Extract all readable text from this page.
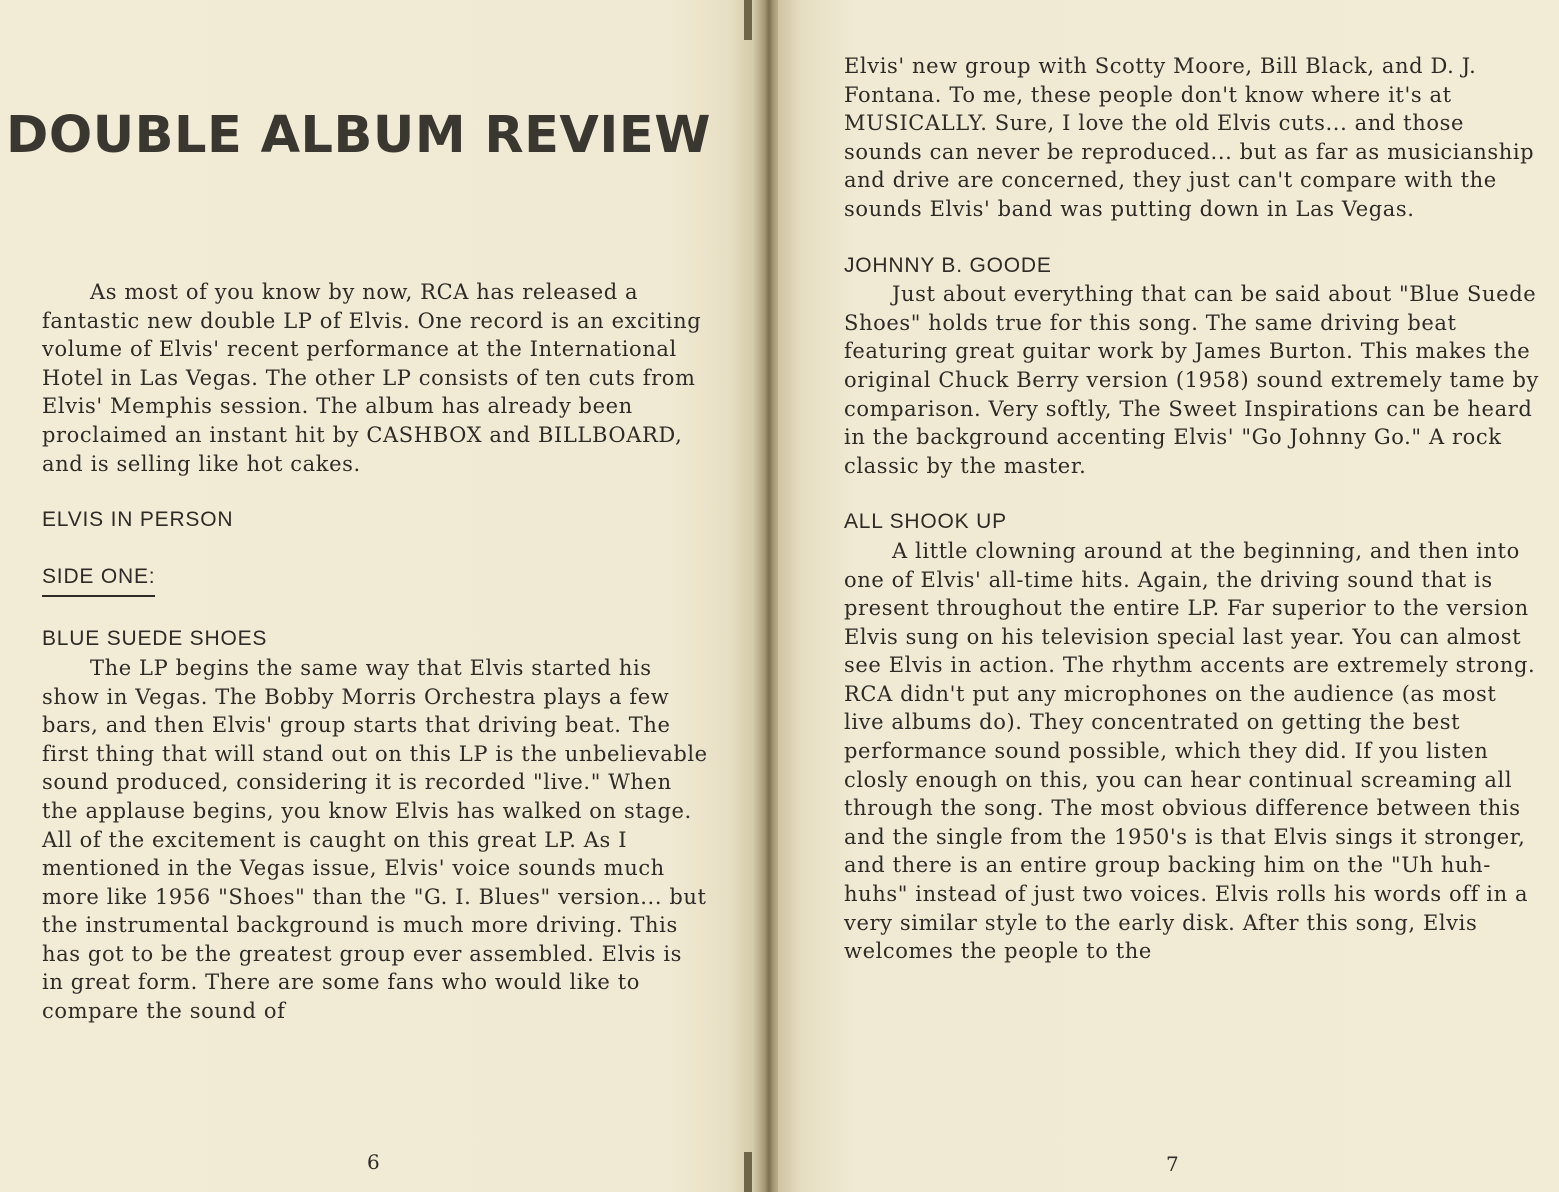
DOUBLE ALBUM REVIEW

As most of you know by now, RCA has released a fantastic new double LP of Elvis. One record is an exciting volume of Elvis' recent performance at the International Hotel in Las Vegas. The other LP consists of ten cuts from Elvis' Memphis session. The album has already been proclaimed an instant hit by CASHBOX and BILLBOARD, and is selling like hot cakes.

ELVIS IN PERSON

SIDE ONE:

BLUE SUEDE SHOES

The LP begins the same way that Elvis started his show in Vegas. The Bobby Morris Orchestra plays a few bars, and then Elvis' group starts that driving beat. The first thing that will stand out on this LP is the unbelievable sound produced, considering it is recorded "live." When the applause begins, you know Elvis has walked on stage. All of the excitement is caught on this great LP. As I mentioned in the Vegas issue, Elvis' voice sounds much more like 1956 "Shoes" than the "G. I. Blues" version... but the instrumental background is much more driving. This has got to be the greatest group ever assembled. Elvis is in great form. There are some fans who would like to compare the sound of

6

Elvis' new group with Scotty Moore, Bill Black, and D. J. Fontana. To me, these people don't know where it's at MUSICALLY. Sure, I love the old Elvis cuts... and those sounds can never be reproduced... but as far as musicianship and drive are concerned, they just can't compare with the sounds Elvis' band was putting down in Las Vegas.

JOHNNY B. GOODE

Just about everything that can be said about "Blue Suede Shoes" holds true for this song. The same driving beat featuring great guitar work by James Burton. This makes the original Chuck Berry version (1958) sound extremely tame by comparison. Very softly, The Sweet Inspirations can be heard in the background accenting Elvis' "Go Johnny Go." A rock classic by the master.

ALL SHOOK UP

A little clowning around at the beginning, and then into one of Elvis' all-time hits. Again, the driving sound that is present throughout the entire LP. Far superior to the version Elvis sung on his television special last year. You can almost see Elvis in action. The rhythm accents are extremely strong. RCA didn't put any microphones on the audience (as most live albums do). They concentrated on getting the best performance sound possible, which they did. If you listen closly enough on this, you can hear continual screaming all through the song. The most obvious difference between this and the single from the 1950's is that Elvis sings it stronger, and there is an entire group backing him on the "Uh huh-huhs" instead of just two voices. Elvis rolls his words off in a very similar style to the early disk. After this song, Elvis welcomes the people to the

7
